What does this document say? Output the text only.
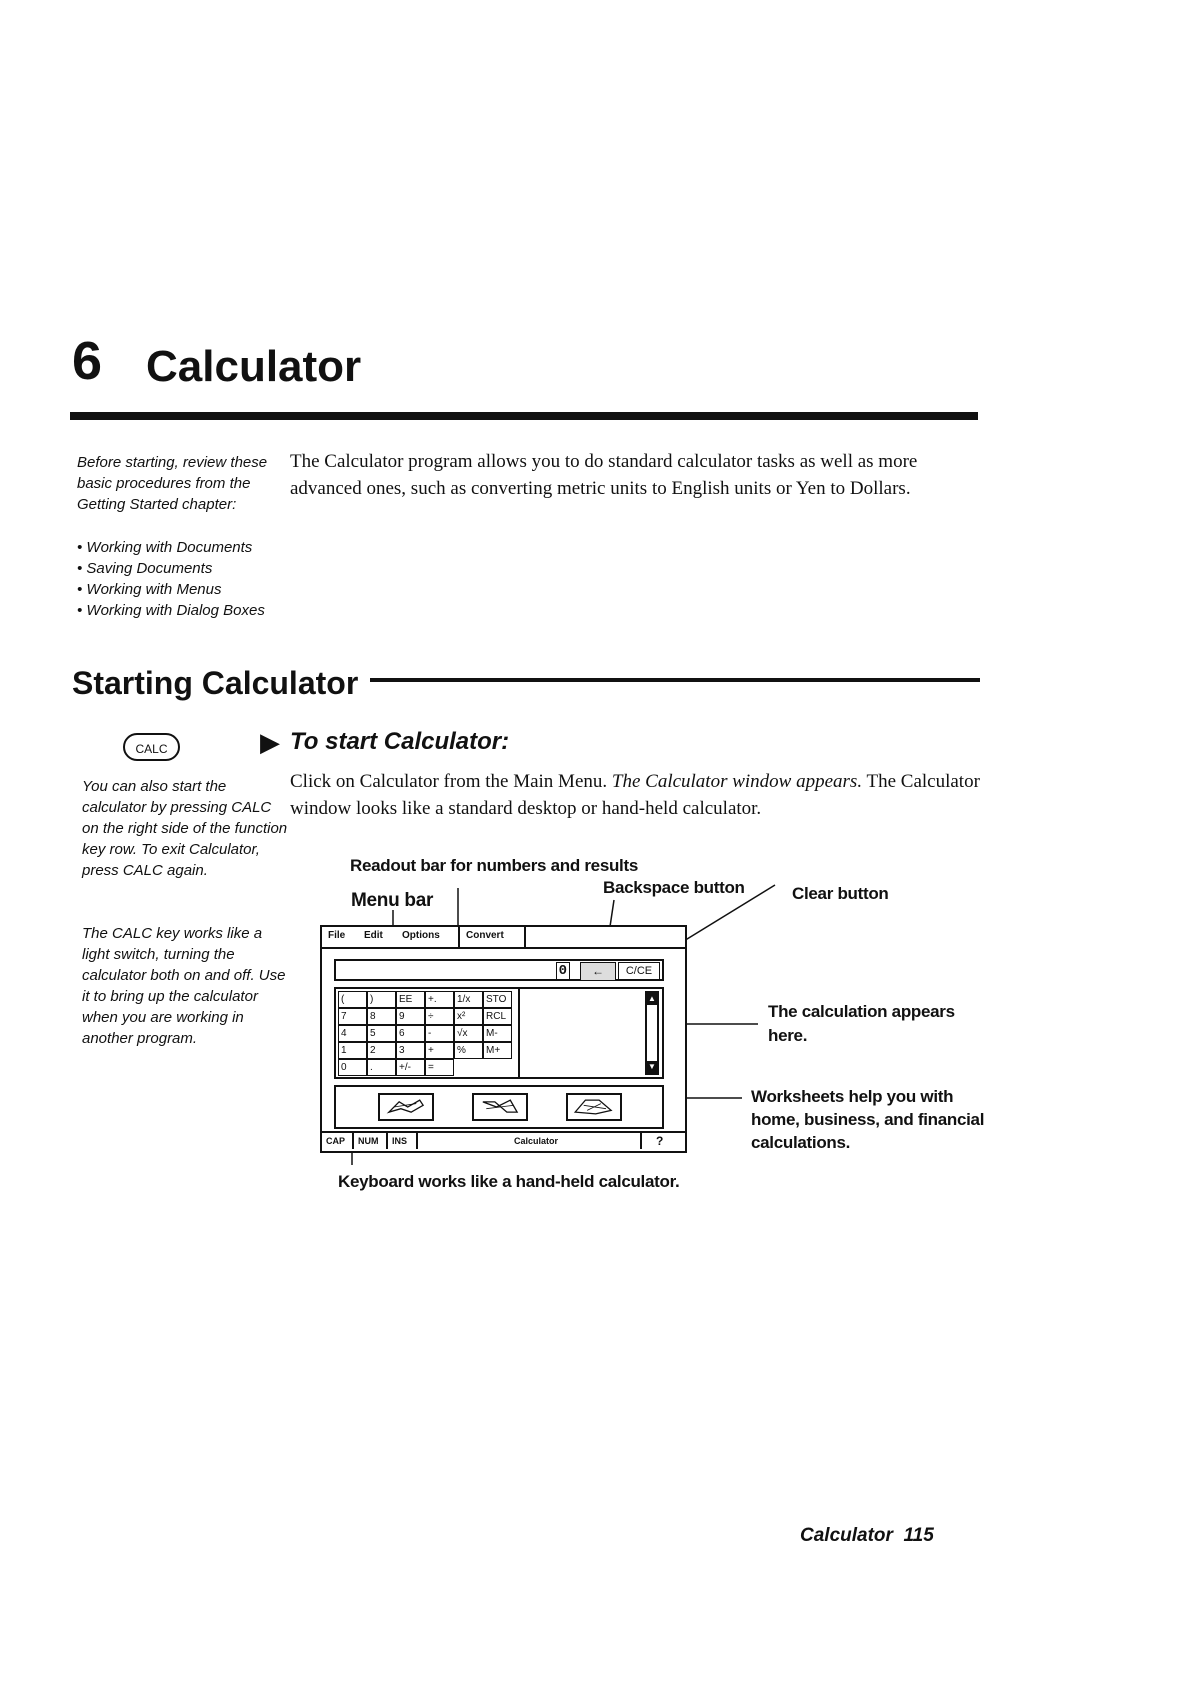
6 Calculator
Before starting, review these basic procedures from the Getting Started chapter:
• Working with Documents
• Saving Documents
• Working with Menus
• Working with Dialog Boxes
The Calculator program allows you to do standard calculator tasks as well as more advanced ones, such as converting metric units to English units or Yen to Dollars.
Starting Calculator
CALC	▶ To start Calculator:
You can also start the calculator by pressing CALC on the right side of the function key row. To exit Calculator, press CALC again.
The CALC key works like a light switch, turning the calculator both on and off. Use it to bring up the calculator when you are working in another program.
Click on Calculator from the Main Menu. The Calculator window appears. The Calculator window looks like a standard desktop or hand-held calculator.
Readout bar for numbers and results
Menu bar
Backspace button	Clear button
The calculation appears here.
Worksheets help you with home, business, and financial calculations.
Keyboard works like a hand-held calculator.
File Edit Options	Convert
0	←	C/CE
(	)	EE	+.	1/x	STO
7	8	9	÷	x²	RCL
4	5	6	-	√x	M-
1	2	3	+	%	M+
0	.	+/-	=
▲
▼
CAP NUM INS	Calculator	?
Calculator 115
